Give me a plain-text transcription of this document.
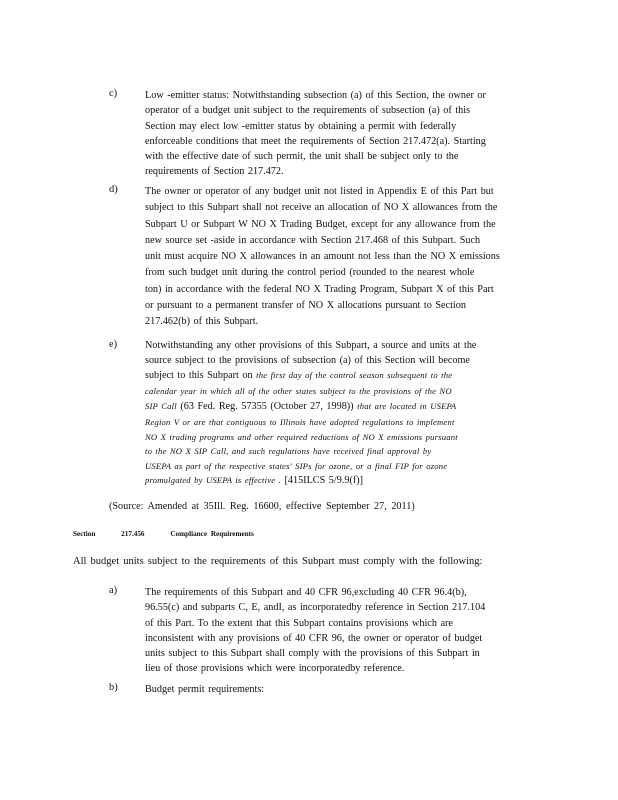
c)	Low -emitter status: Notwithstanding subsection (a) of this Section, the owner or

operator of a budget unit subject to the requirements of subsection (a) of this

Section may elect low -emitter status by obtaining a permit with federally

enforceable conditions that meet the requirements of Section 217.472(a). Starting

with the effective date of such permit, the unit shall be subject only to the

requirements of Section 217.472.

d)	The owner or operator of any budget unit not listed in Appendix E of this Part but

subject to this Subpart shall not receive an allocation of NO X allowances from the

Subpart U or Subpart W NO X Trading Budget, except for any allowance from the

new source set -aside in accordance with Section 217.468 of this Subpart. Such

unit must acquire NO X allowances in an amount not less than the NO X emissions

from such budget unit during the control period (rounded to the nearest whole

ton) in accordance with the federal NO X Trading Program, Subpart X of this Part

or pursuant to a permanent transfer of NO X allocations pursuant to Section

217.462(b) of this Subpart.

e)	Notwithstanding any other provisions of this Subpart, a source and units at the

source subject to the provisions of subsection (a) of this Section will become

subject to this Subpart on the first day of the control season subsequent to the

calendar year in which all of the other states subject to the provisions of the NO

SIP Call (63 Fed. Reg. 57355 (October 27, 1998)) that are located in USEPA

Region V or are that contiguous to Illinois have adopted regulations to implement

NO X trading programs and other required reductions of NO X emissions pursuant

to the NO X SIP Call, and such regulations have received final approval by

USEPA as part of the respective states' SIPs for ozone, or a final FIP for ozone

promulgated by USEPA is effective . [415ILCS 5/9.9(f)]

(Source: Amended at 35Ill. Reg. 16600, effective September 27, 2011)
Section	217.456	Compliance Requirements
All budget units subject to the requirements of this Subpart must comply with the following:
a)	The requirements of this Subpart and 40 CFR 96,excluding 40 CFR 96.4(b),

96.55(c) and subparts C, E, andI, as incorporatedby reference in Section 217.104

of this Part. To the extent that this Subpart contains provisions which are

inconsistent with any provisions of 40 CFR 96, the owner or operator of budget

units subject to this Subpart shall comply with the provisions of this Subpart in

lieu of those provisions which were incorporatedby reference.

b)	Budget permit requirements:
